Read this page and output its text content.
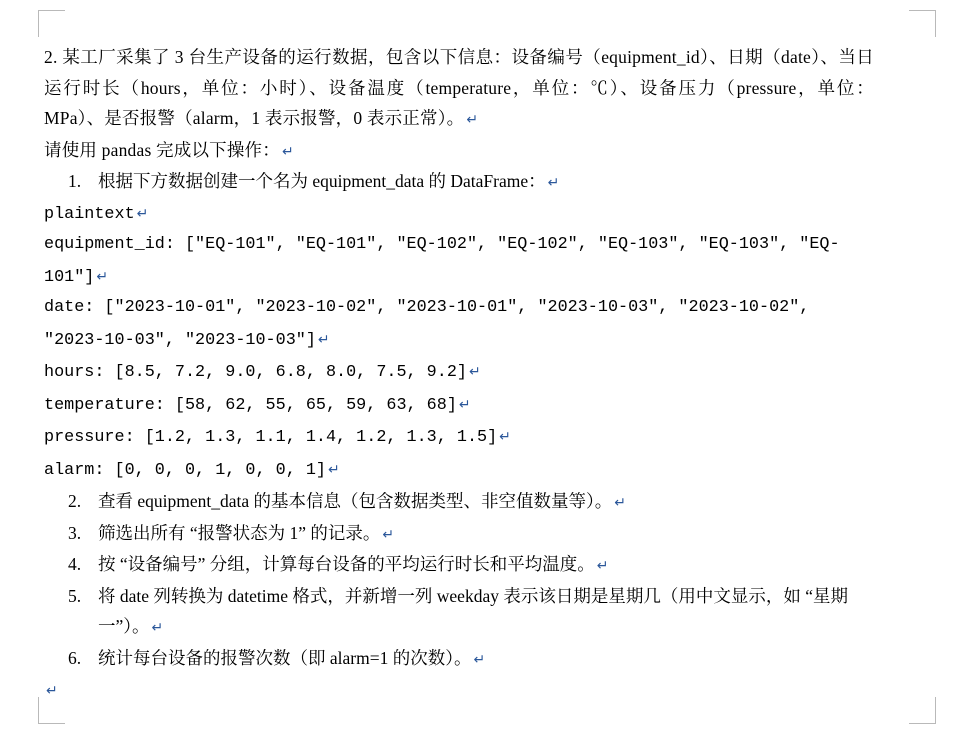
2. 某工厂采集了 3 台生产设备的运行数据，包含以下信息：设备编号（equipment_id）、日期（date）、当日运行时长（hours，单位：小时）、设备温度（temperature，单位：℃）、设备压力（pressure，单位：MPa）、是否报警（alarm，1 表示报警，0 表示正常）。 ↵

请使用 pandas 完成以下操作： ↵

1. 根据下方数据创建一个名为 equipment_data 的 DataFrame： ↵

plaintext ↵

equipment_id: ["EQ-101", "EQ-101", "EQ-102", "EQ-102", "EQ-103", "EQ-103", "EQ-101"] ↵

date: ["2023-10-01", "2023-10-02", "2023-10-01", "2023-10-03", "2023-10-02", "2023-10-03", "2023-10-03"] ↵

hours: [8.5, 7.2, 9.0, 6.8, 8.0, 7.5, 9.2] ↵

temperature: [58, 62, 55, 65, 59, 63, 68] ↵

pressure: [1.2, 1.3, 1.1, 1.4, 1.2, 1.3, 1.5] ↵

alarm: [0, 0, 0, 1, 0, 0, 1] ↵

2. 查看 equipment_data 的基本信息（包含数据类型、非空值数量等）。 ↵
3. 筛选出所有 “报警状态为 1” 的记录。 ↵
4. 按 “设备编号” 分组，计算每台设备的平均运行时长和平均温度。 ↵
5. 将 date 列转换为 datetime 格式，并新增一列 weekday 表示该日期是星期几（用中文显示，如 “星期一”）。 ↵
6. 统计每台设备的报警次数（即 alarm=1 的次数）。 ↵

↵
